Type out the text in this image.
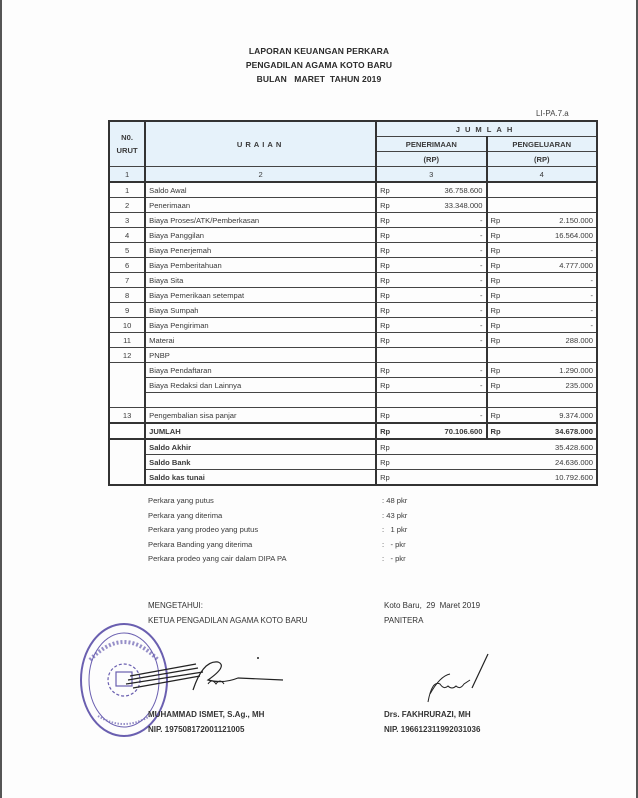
LAPORAN KEUANGAN PERKARA
PENGADILAN AGAMA KOTO BARU
BULAN   MARET  TAHUN 2019
LI-PA.7.a
N0.
URUT	URAIAN	JUMLAH			
		PENERIMAAN		PENGELUARAN	
		(RP)		(RP)	
1	2	3		4	
1	Saldo Awal	Rp	36.758.600		
2	Penerimaan	Rp	33.348.000		
3	Biaya Proses/ATK/Pemberkasan	Rp	-	Rp	2.150.000
4	Biaya Panggilan	Rp	-	Rp	16.564.000
5	Biaya Penerjemah	Rp	-	Rp	-
6	Biaya Pemberitahuan	Rp	-	Rp	4.777.000
7	Biaya Sita	Rp	-	Rp	-
8	Biaya Pemerikaan setempat	Rp	-	Rp	-
9	Biaya Sumpah	Rp	-	Rp	-
10	Biaya Pengiriman	Rp	-	Rp	-
11	Materai	Rp	-	Rp	288.000
12	PNBP				
	Biaya Pendaftaran	Rp	-	Rp	1.290.000
	Biaya Redaksi dan Lainnya	Rp	-	Rp	235.000

13	Pengembalian sisa panjar	Rp	-	Rp	9.374.000
	JUMLAH	Rp	70.106.600	Rp	34.678.000
	Saldo Akhir	Rp	35.428.600		
	Saldo Bank	Rp	24.636.000		
	Saldo kas tunai	Rp	10.792.600		
Perkara yang putus	: 48 pkr
Perkara yang diterima	: 43 pkr
Perkara yang prodeo yang putus	:   1 pkr
Perkara Banding yang diterima	:   - pkr
Perkara prodeo yang cair dalam DIPA PA	:   - pkr
MENGETAHUI:
KETUA PENGADILAN AGAMA KOTO BARU
Koto Baru,  29  Maret 2019
PANITERA
MUHAMMAD ISMET, S.Ag., MH
NIP. 197508172001121005
Drs. FAKHRURAZI, MH
NIP. 196612311992031036
